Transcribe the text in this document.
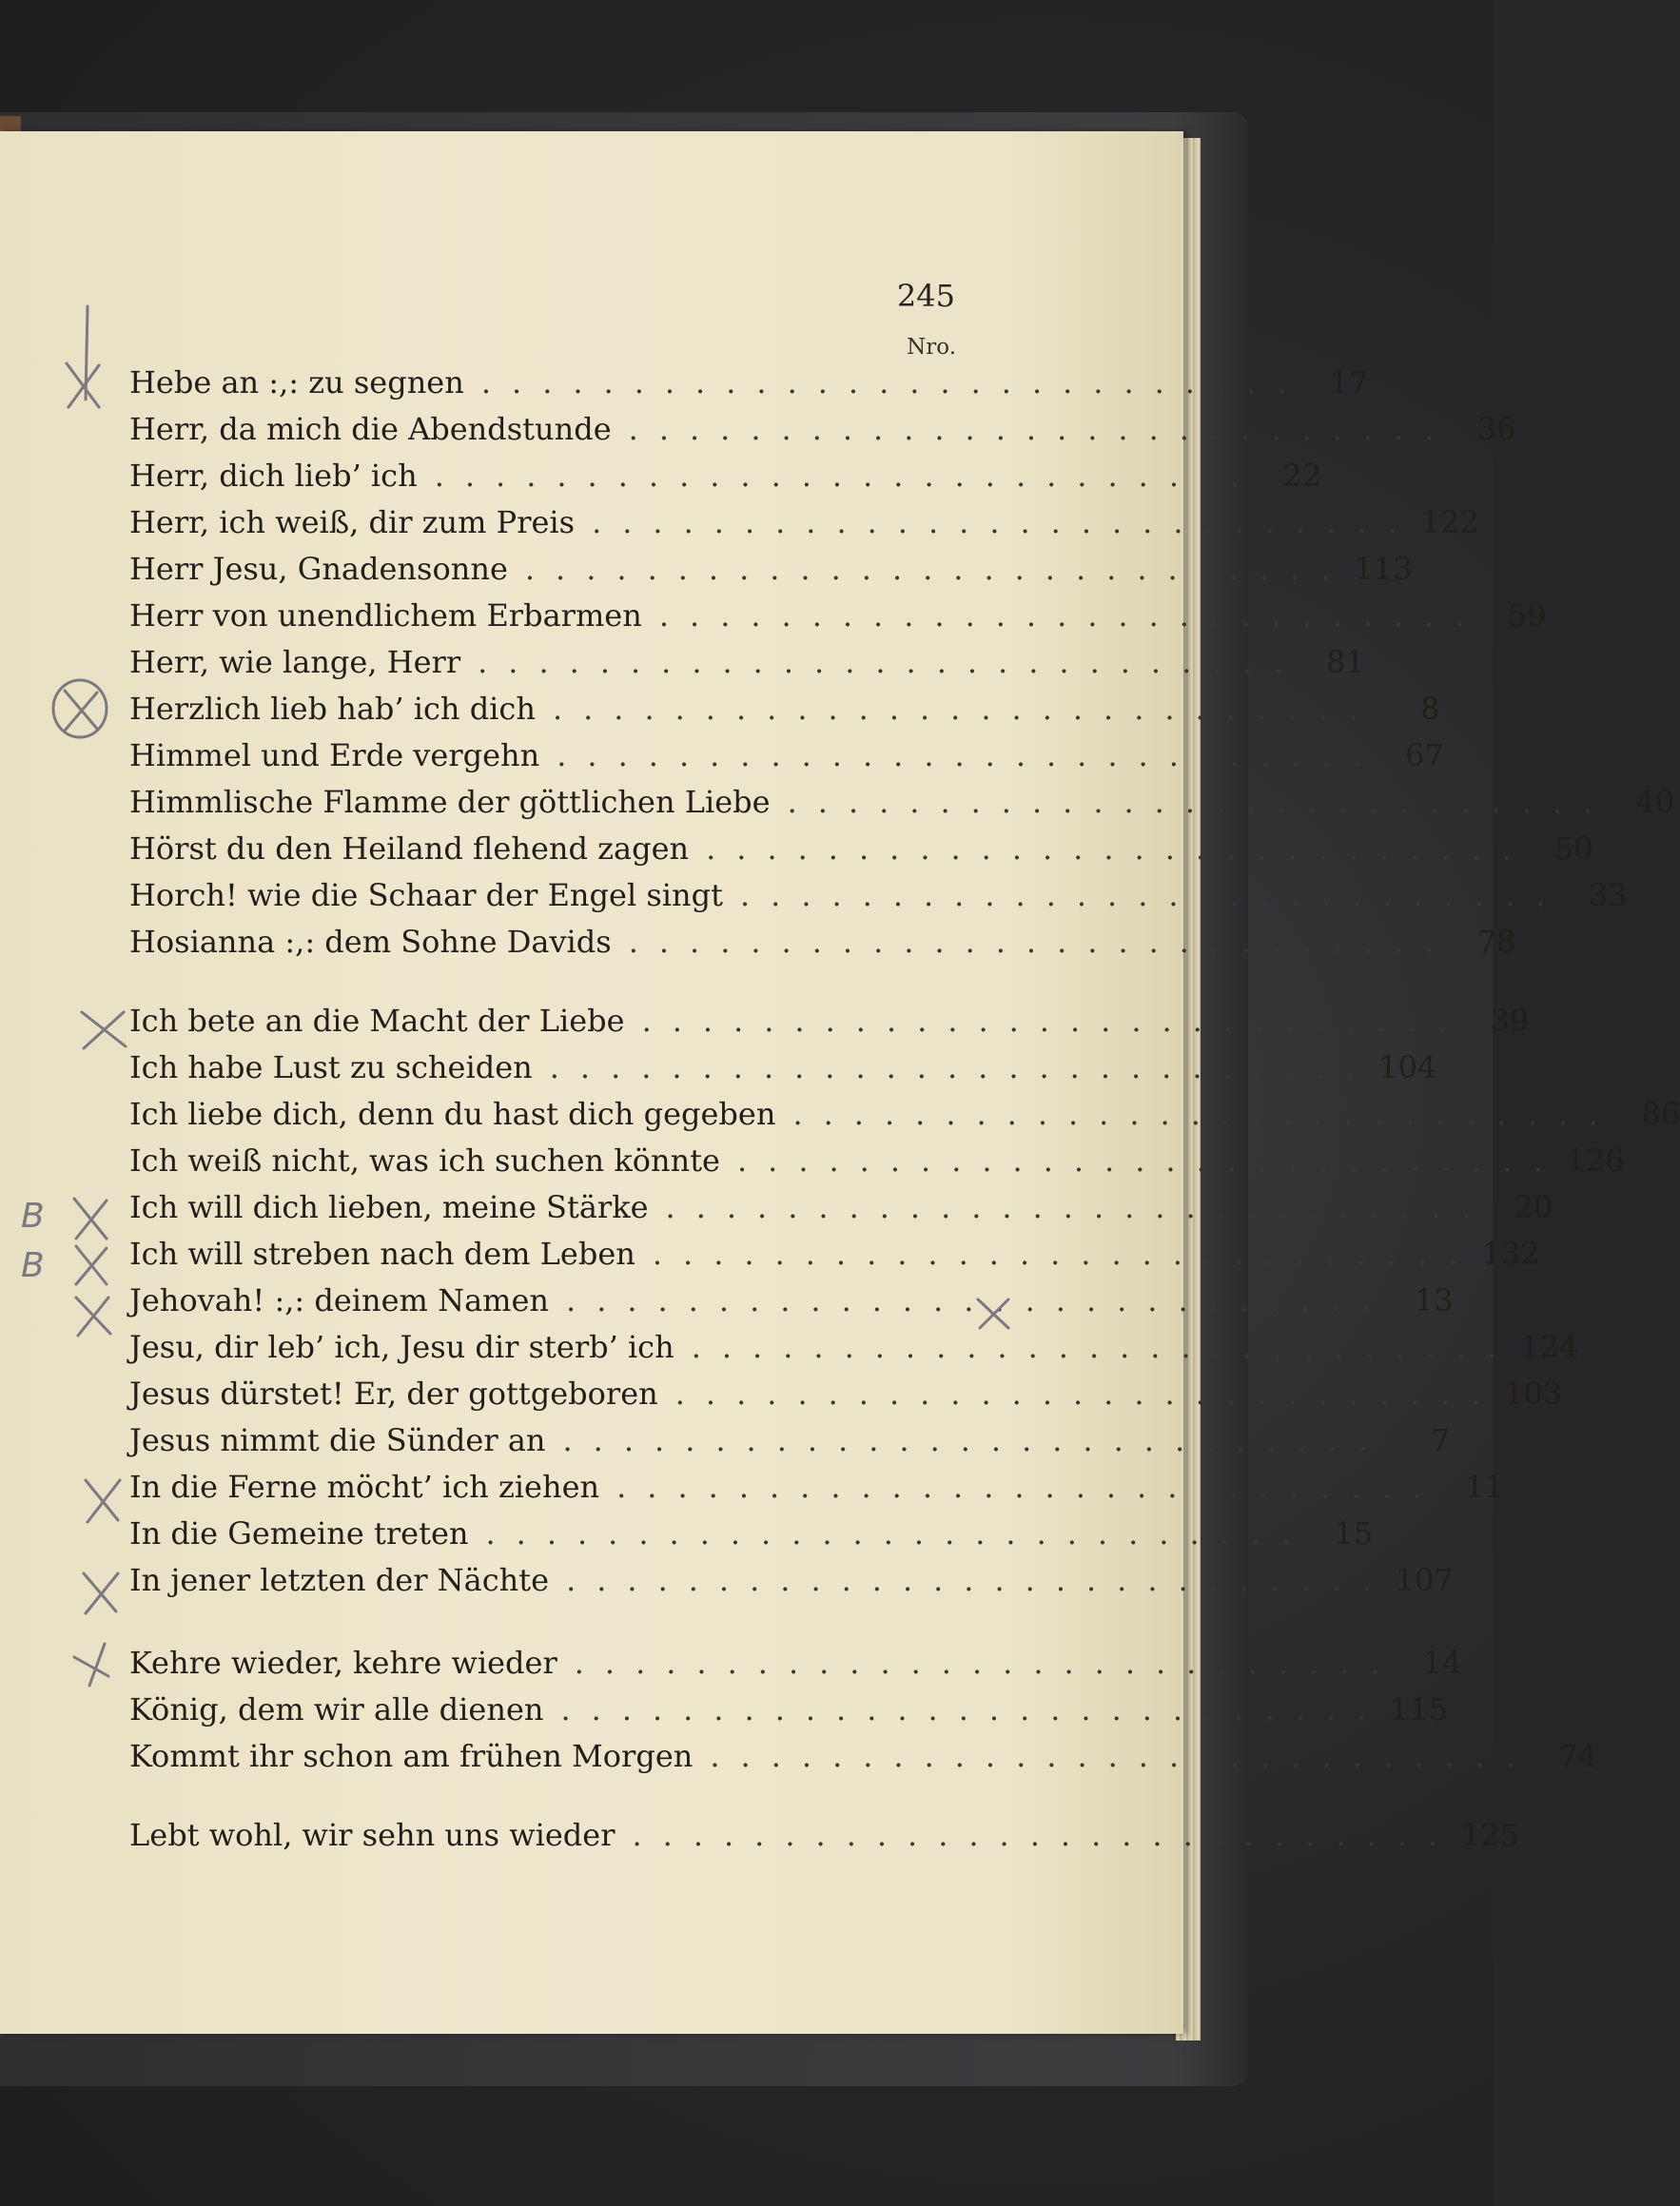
245
Nro.
Hebe an :,: zu segnen ........................... 17
Herr, da mich die Abendstunde ........................... 36
Herr, dich lieb’ ich ........................... 22
Herr, ich weiß, dir zum Preis ........................... 122
Herr Jesu, Gnadensonne ........................... 113
Herr von unendlichem Erbarmen ........................... 59
Herr, wie lange, Herr ........................... 81
Herzlich lieb hab’ ich dich ...........................	8
Himmel und Erde vergehn ........................... 67
Himmlische Flamme der göttlichen Liebe ........................... 40
Hörst du den Heiland flehend zagen ........................... 50
Horch! wie die Schaar der Engel singt ........................... 33
Hosianna :,: dem Sohne Davids ........................... 78
Ich bete an die Macht der Liebe ........................... 39
Ich habe Lust zu scheiden ........................... 104
Ich liebe dich, denn du hast dich gegeben ........................... 86
Ich weiß nicht, was ich suchen könnte ........................... 126
Ich will dich lieben, meine Stärke ........................... 20
Ich will streben nach dem Leben ........................... 132
Jehovah! :,: deinem Namen ........................... 13
Jesu, dir leb’ ich, Jesu dir sterb’ ich ........................... 124
Jesus dürstet! Er, der gottgeboren ........................... 103
Jesus nimmt die Sünder an ...........................	7
In die Ferne möcht’ ich ziehen ........................... 11
In die Gemeine treten ........................... 15
In jener letzten der Nächte ........................... 107
Kehre wieder, kehre wieder ........................... 14
König, dem wir alle dienen ........................... 115
Kommt ihr schon am frühen Morgen ........................... 74
Lebt wohl, wir sehn uns wieder ........................... 125
B
B
